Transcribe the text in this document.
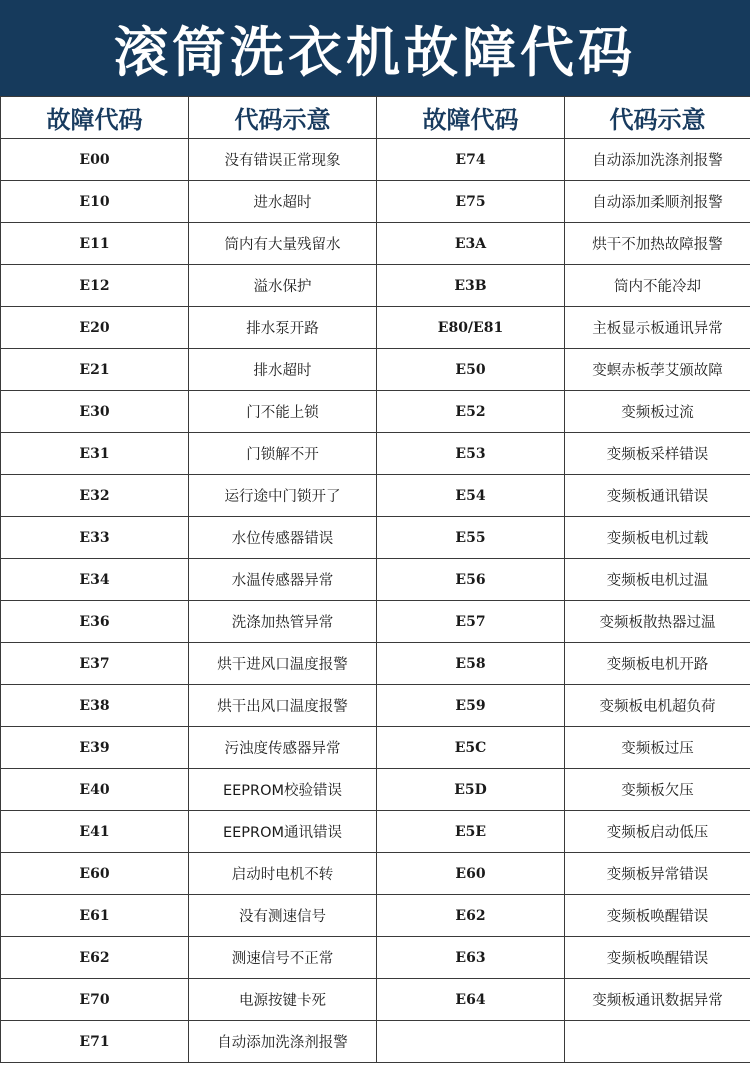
滚筒洗衣机故障代码
故障代码	代码示意	故障代码	代码示意
E00	没有错误正常现象	E74	自动添加洗涤剂报警
E10	进水超时	E75	自动添加柔顺剂报警
E11	筒内有大量残留水	E3A	烘干不加热故障报警
E12	溢水保护	E3B	筒内不能冷却
E20	排水泵开路	E80/E81	主板显示板通讯异常
E21	排水超时	E50	变螟赤板荸艾颁故障
E30	门不能上锁	E52	变频板过流
E31	门锁解不开	E53	变频板采样错误
E32	运行途中门锁开了	E54	变频板通讯错误
E33	水位传感器错误	E55	变频板电机过载
E34	水温传感器异常	E56	变频板电机过温
E36	洗涤加热管异常	E57	变频板散热器过温
E37	烘干进风口温度报警	E58	变频板电机开路
E38	烘干出风口温度报警	E59	变频板电机超负荷
E39	污浊度传感器异常	E5C	变频板过压
E40	EEPROM校验错误	E5D	变频板欠压
E41	EEPROM通讯错误	E5E	变频板启动低压
E60	启动时电机不转	E60	变频板异常错误
E61	没有测速信号	E62	变频板唤醒错误
E62	测速信号不正常	E63	变频板唤醒错误
E70	电源按键卡死	E64	变频板通讯数据异常
E71	自动添加洗涤剂报警		
